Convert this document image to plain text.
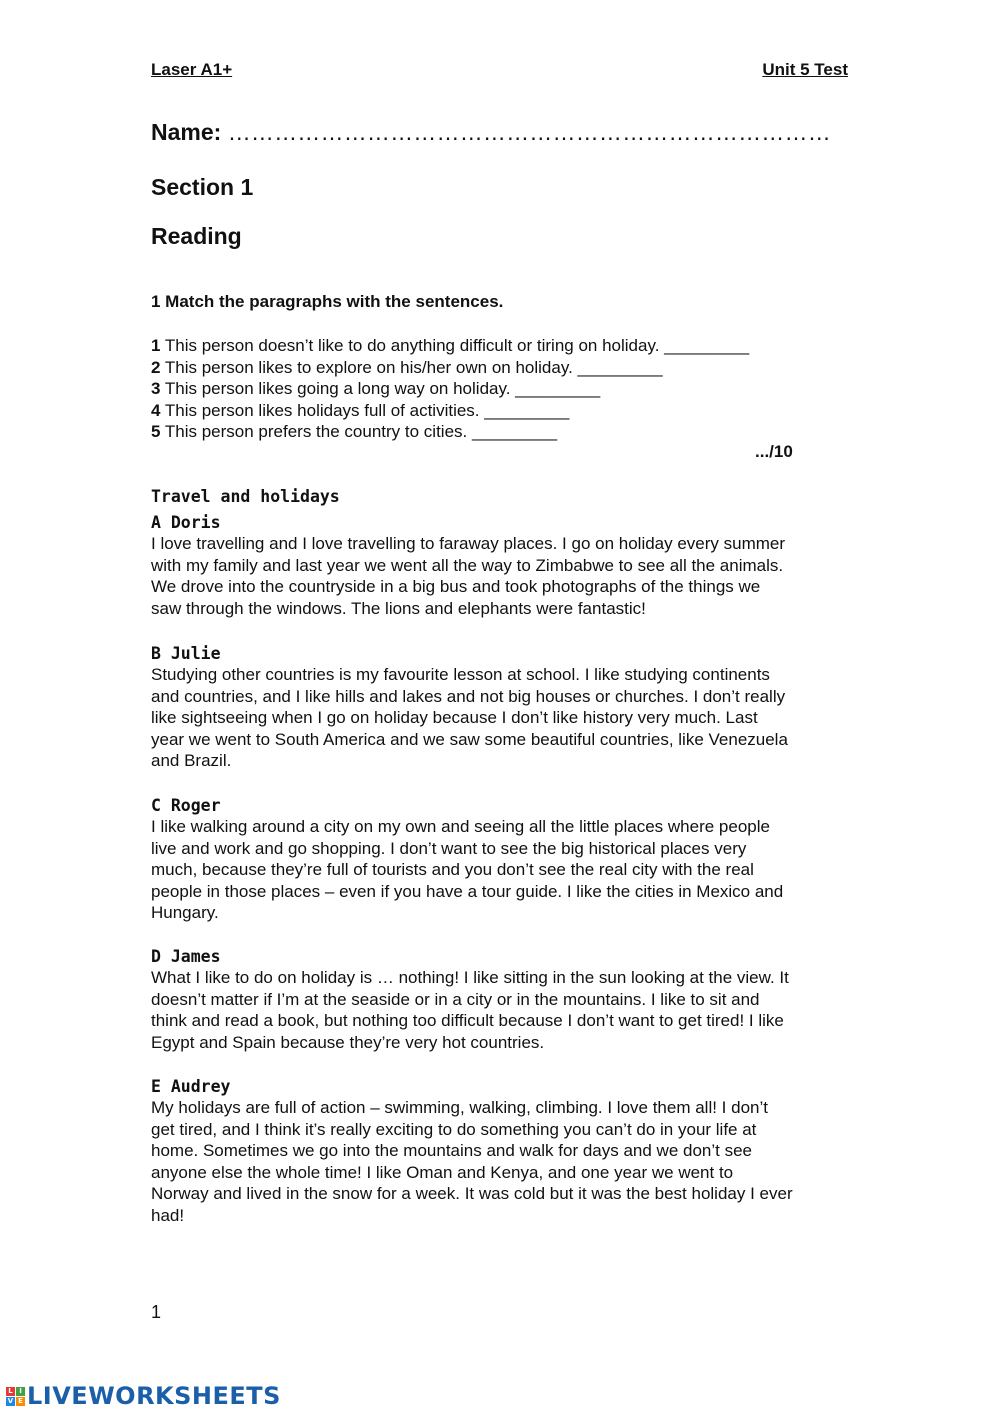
Laser A1+	Unit 5 Test
Name: ……………………………………………………………………
Section 1
Reading
1 Match the paragraphs with the sentences.
1 This person doesn’t like to do anything difficult or tiring on holiday. _________
2 This person likes to explore on his/her own on holiday. _________
3 This person likes going a long way on holiday. _________
4 This person likes holidays full of activities. _________
5 This person prefers the country to cities. _________
.../10
Travel and holidays
A Doris
I love travelling and I love travelling to faraway places. I go on holiday every summer
with my family and last year we went all the way to Zimbabwe to see all the animals.
We drove into the countryside in a big bus and took photographs of the things we
saw through the windows. The lions and elephants were fantastic!
B Julie
Studying other countries is my favourite lesson at school. I like studying continents
and countries, and I like hills and lakes and not big houses or churches. I don’t really
like sightseeing when I go on holiday because I don’t like history very much. Last
year we went to South America and we saw some beautiful countries, like Venezuela
and Brazil.
C Roger
I like walking around a city on my own and seeing all the little places where people
live and work and go shopping. I don’t want to see the big historical places very
much, because they’re full of tourists and you don’t see the real city with the real
people in those places – even if you have a tour guide. I like the cities in Mexico and
Hungary.
D James
What I like to do on holiday is … nothing! I like sitting in the sun looking at the view. It
doesn’t matter if I’m at the seaside or in a city or in the mountains. I like to sit and
think and read a book, but nothing too difficult because I don’t want to get tired! I like
Egypt and Spain because they’re very hot countries.
E Audrey
My holidays are full of action – swimming, walking, climbing. I love them all! I don’t
get tired, and I think it’s really exciting to do something you can’t do in your life at
home. Sometimes we go into the mountains and walk for days and we don’t see
anyone else the whole time! I like Oman and Kenya, and one year we went to
Norway and lived in the snow for a week. It was cold but it was the best holiday I ever
had!
1
L I
V E LIVEWORKSHEETS
